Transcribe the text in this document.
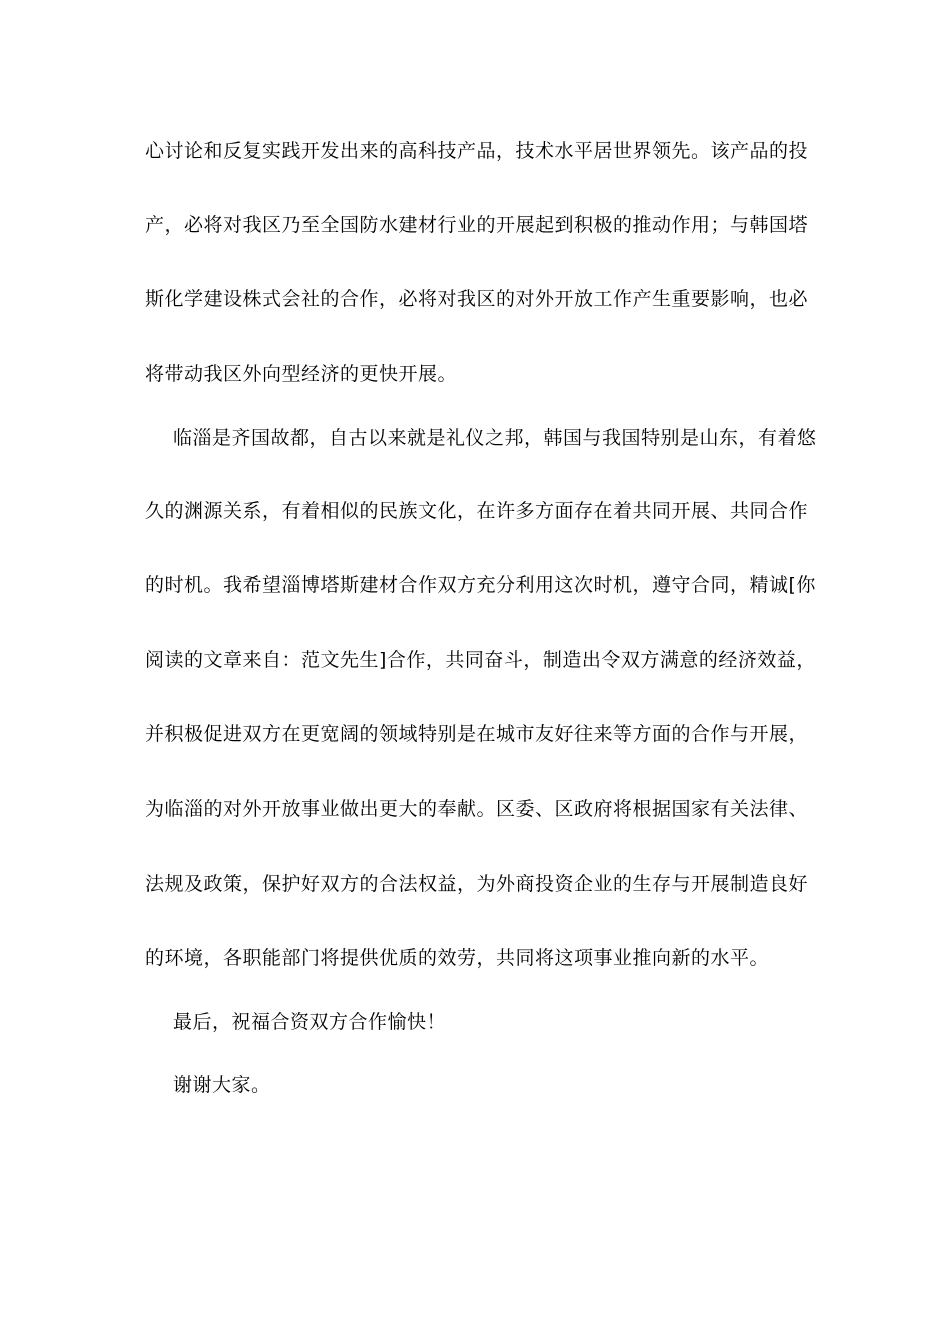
心讨论和反复实践开发出来的高科技产品，技术水平居世界领先。该产品的投
产，必将对我区乃至全国防水建材行业的开展起到积极的推动作用；与韩国塔
斯化学建设株式会社的合作，必将对我区的对外开放工作产生重要影响，也必
将带动我区外向型经济的更快开展。
临淄是齐国故都，自古以来就是礼仪之邦，韩国与我国特别是山东，有着悠
久的渊源关系，有着相似的民族文化，在许多方面存在着共同开展、共同合作
的时机。我希望淄博塔斯建材合作双方充分利用这次时机，遵守合同，精诚[你
阅读的文章来自：范文先生]合作，共同奋斗，制造出令双方满意的经济效益，
并积极促进双方在更宽阔的领域特别是在城市友好往来等方面的合作与开展，
为临淄的对外开放事业做出更大的奉献。区委、区政府将根据国家有关法律、
法规及政策，保护好双方的合法权益，为外商投资企业的生存与开展制造良好
的环境，各职能部门将提供优质的效劳，共同将这项事业推向新的水平。
最后，祝福合资双方合作愉快！
谢谢大家。
